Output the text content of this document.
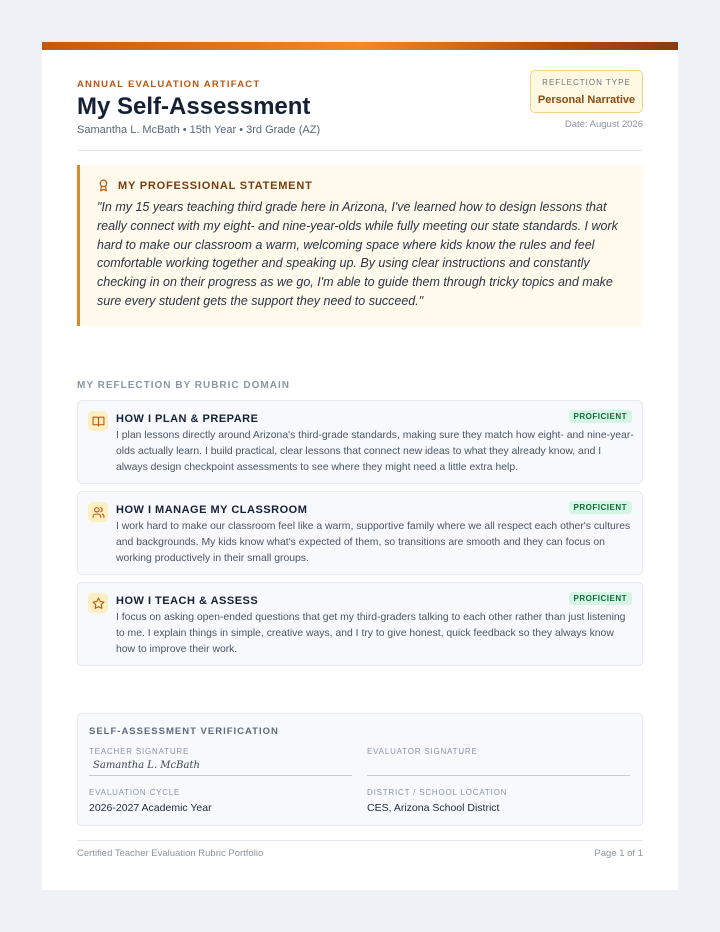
ANNUAL EVALUATION ARTIFACT
My Self-Assessment
Samantha L. McBath • 15th Year • 3rd Grade (AZ)
REFLECTION TYPE
Personal Narrative
Date: August 2026
MY PROFESSIONAL STATEMENT
"In my 15 years teaching third grade here in Arizona, I've learned how to design lessons that really connect with my eight- and nine-year-olds while fully meeting our state standards. I work hard to make our classroom a warm, welcoming space where kids know the rules and feel comfortable working together and speaking up. By using clear instructions and constantly checking in on their progress as we go, I'm able to guide them through tricky topics and make sure every student gets the support they need to succeed."
MY REFLECTION BY RUBRIC DOMAIN
HOW I PLAN & PREPARE	PROFICIENT
I plan lessons directly around Arizona's third-grade standards, making sure they match how eight- and nine-year-olds actually learn. I build practical, clear lessons that connect new ideas to what they already know, and I always design checkpoint assessments to see where they might need a little extra help.
HOW I MANAGE MY CLASSROOM	PROFICIENT
I work hard to make our classroom feel like a warm, supportive family where we all respect each other's cultures and backgrounds. My kids know what's expected of them, so transitions are smooth and they can focus on working productively in their small groups.
HOW I TEACH & ASSESS	PROFICIENT
I focus on asking open-ended questions that get my third-graders talking to each other rather than just listening to me. I explain things in simple, creative ways, and I try to give honest, quick feedback so they always know how to improve their work.
SELF-ASSESSMENT VERIFICATION
TEACHER SIGNATURE
Samantha L. McBath
EVALUATOR SIGNATURE
EVALUATION CYCLE
2026-2027 Academic Year
DISTRICT / SCHOOL LOCATION
CES, Arizona School District
Certified Teacher Evaluation Rubric Portfolio	Page 1 of 1
